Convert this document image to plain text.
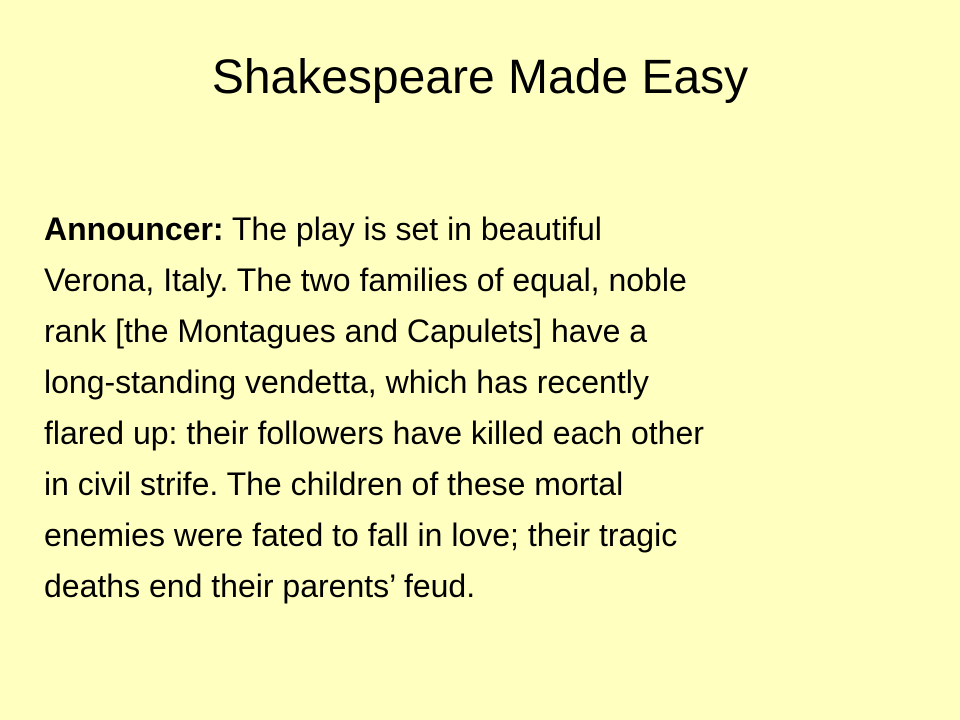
Shakespeare Made Easy
Announcer: The play is set in beautiful
Verona, Italy. The two families of equal, noble
rank [the Montagues and Capulets] have a
long-standing vendetta, which has recently
flared up: their followers have killed each other
in civil strife. The children of these mortal
enemies were fated to fall in love; their tragic
deaths end their parents’ feud.
